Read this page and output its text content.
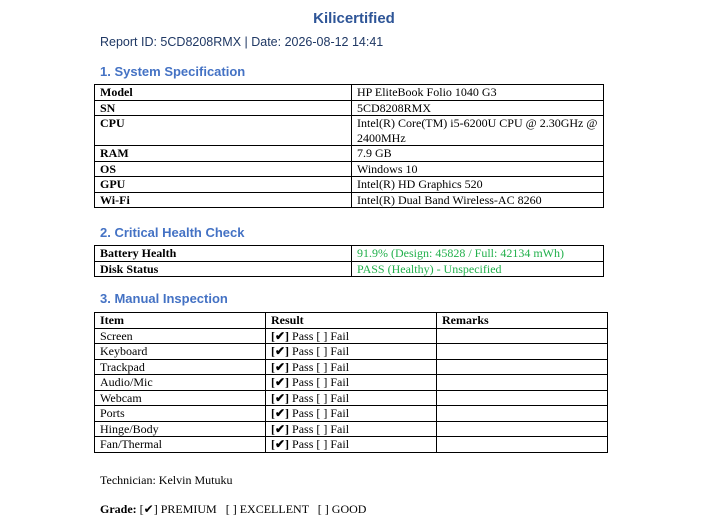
Kilicertified
Report ID: 5CD8208RMX | Date: 2026-08-12 14:41
1. System Specification
Model	HP EliteBook Folio 1040 G3
SN	5CD8208RMX
CPU	Intel(R) Core(TM) i5-6200U CPU @ 2.30GHz @ 2400MHz
RAM	7.9 GB
OS	Windows 10
GPU	Intel(R) HD Graphics 520
Wi-Fi	Intel(R) Dual Band Wireless-AC 8260
2. Critical Health Check
Battery Health	91.9% (Design: 45828 / Full: 42134 mWh)
Disk Status	PASS (Healthy) - Unspecified
3. Manual Inspection
Item	Result	Remarks
Screen	[✔] Pass [ ] Fail	
Keyboard	[✔] Pass [ ] Fail	
Trackpad	[✔] Pass [ ] Fail	
Audio/Mic	[✔] Pass [ ] Fail	
Webcam	[✔] Pass [ ] Fail	
Ports	[✔] Pass [ ] Fail	
Hinge/Body	[✔] Pass [ ] Fail	
Fan/Thermal	[✔] Pass [ ] Fail	
Technician: Kelvin Mutuku
Grade: [✔] PREMIUM   [ ] EXCELLENT   [ ] GOOD
